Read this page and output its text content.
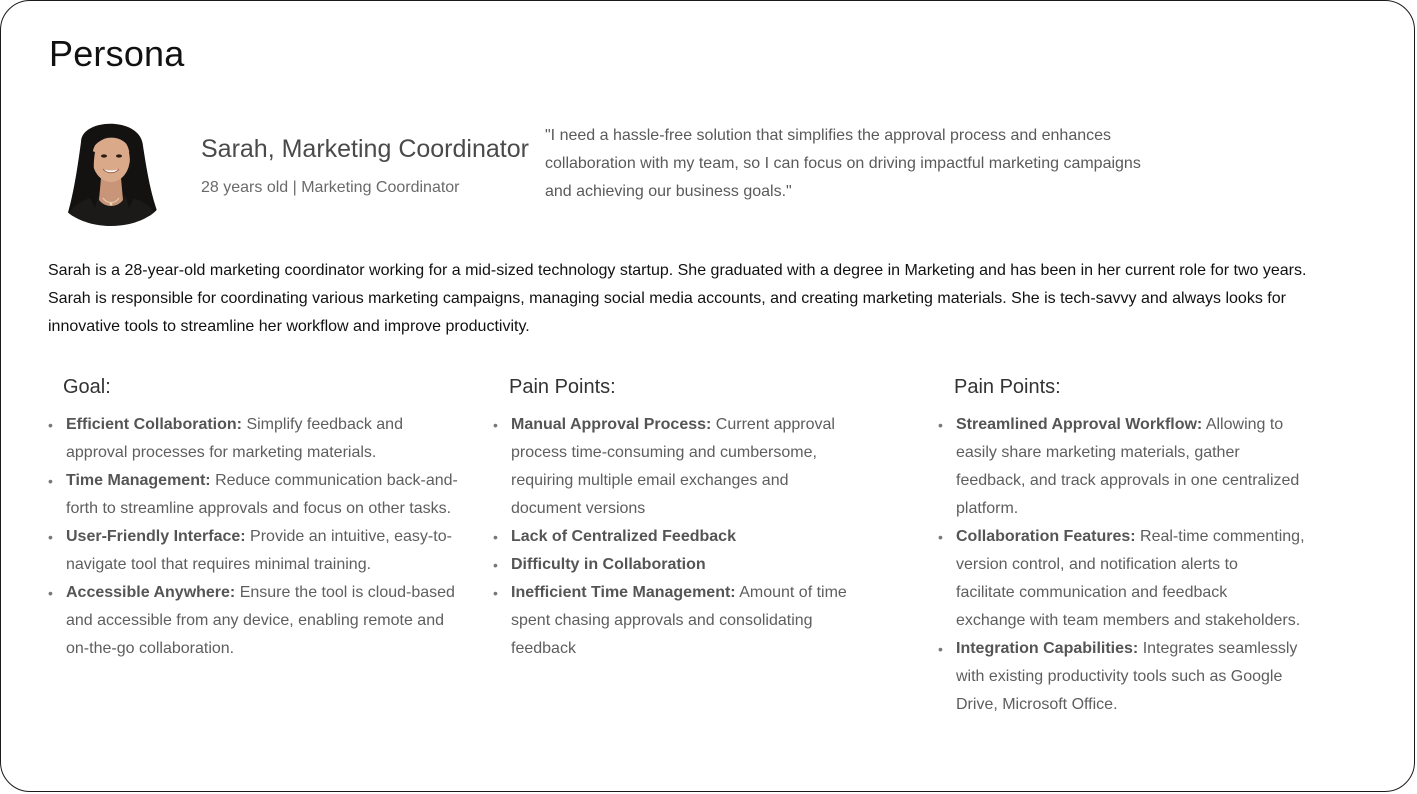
Persona
Sarah, Marketing Coordinator
28 years old | Marketing Coordinator
"I need a hassle-free solution that simplifies the approval process and enhances
collaboration with my team, so I can focus on driving impactful marketing campaigns
and achieving our business goals."
Sarah is a 28-year-old marketing coordinator working for a mid-sized technology startup. She graduated with a degree in Marketing and has been in her current role for two years.
Sarah is responsible for coordinating various marketing campaigns, managing social media accounts, and creating marketing materials. She is tech-savvy and always looks for
innovative tools to streamline her workflow and improve productivity.
Goal:
• Efficient Collaboration: Simplify feedback and
approval processes for marketing materials.
• Time Management: Reduce communication back-and-
forth to streamline approvals and focus on other tasks.
• User-Friendly Interface: Provide an intuitive, easy-to-
navigate tool that requires minimal training.
• Accessible Anywhere: Ensure the tool is cloud-based
and accessible from any device, enabling remote and
on-the-go collaboration.
Pain Points:
• Manual Approval Process: Current approval
process time-consuming and cumbersome,
requiring multiple email exchanges and
document versions
• Lack of Centralized Feedback
• Difficulty in Collaboration
• Inefficient Time Management: Amount of time
spent chasing approvals and consolidating
feedback
Pain Points:
• Streamlined Approval Workflow: Allowing to
easily share marketing materials, gather
feedback, and track approvals in one centralized
platform.
• Collaboration Features: Real-time commenting,
version control, and notification alerts to
facilitate communication and feedback
exchange with team members and stakeholders.
• Integration Capabilities: Integrates seamlessly
with existing productivity tools such as Google
Drive, Microsoft Office.
